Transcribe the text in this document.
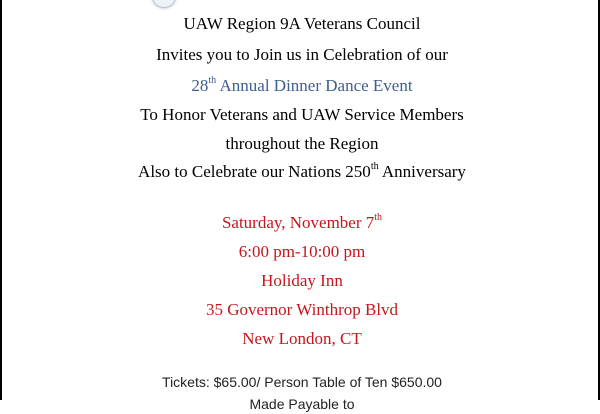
UAW Region 9A Veterans Council
Invites you to Join us in Celebration of our
28th Annual Dinner Dance Event
To Honor Veterans and UAW Service Members
throughout the Region
Also to Celebrate our Nations 250th Anniversary
Saturday, November 7th
6:00 pm-10:00 pm
Holiday Inn
35 Governor Winthrop Blvd
New London, CT
Tickets: $65.00/ Person Table of Ten $650.00
Made Payable to
